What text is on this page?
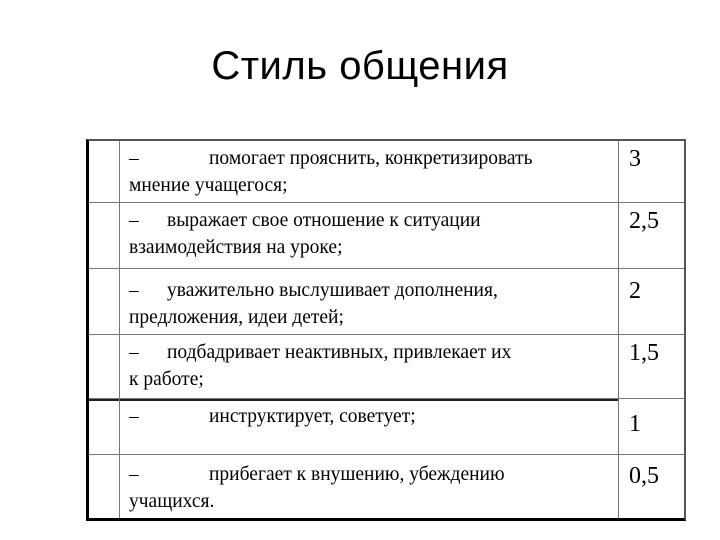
Стиль общения
–	помогает прояснить, конкретизировать
мнение учащегося;
3
– выражает свое отношение к ситуации
взаимодействия на уроке;
2,5
– уважительно выслушивает дополнения,
предложения, идеи детей;
2
– подбадривает неактивных, привлекает их
к работе;
1,5
–	инструктирует, советует;	1
–	прибегает к внушению, убеждению
учащихся.
0,5
